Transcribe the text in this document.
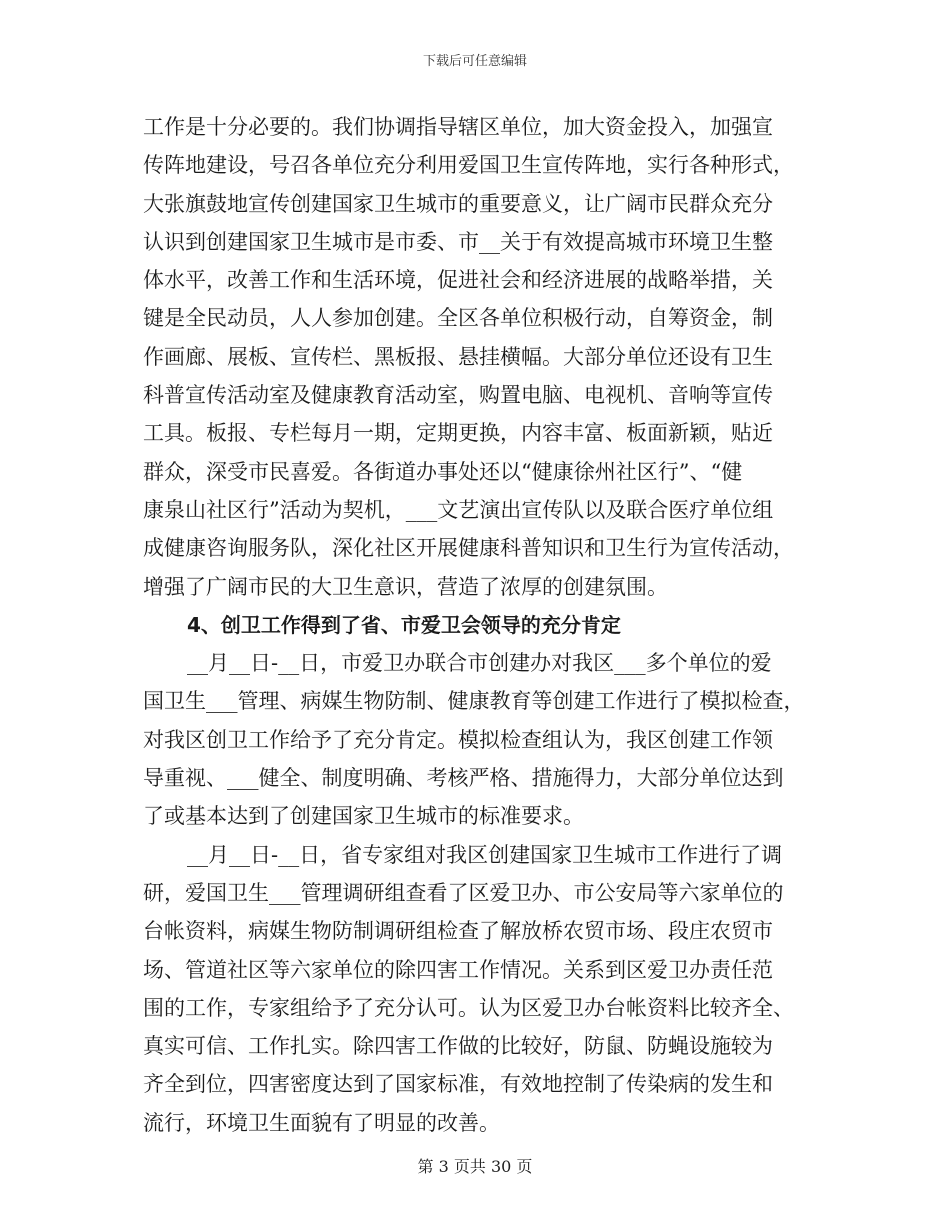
下载后可任意编辑
工作是十分必要的。我们协调指导辖区单位，加大资金投入，加强宣
传阵地建设，号召各单位充分利用爱国卫生宣传阵地，实行各种形式，
大张旗鼓地宣传创建国家卫生城市的重要意义，让广阔市民群众充分
认识到创建国家卫生城市是市委、市__关于有效提高城市环境卫生整
体水平，改善工作和生活环境，促进社会和经济进展的战略举措，关
键是全民动员，人人参加创建。全区各单位积极行动，自筹资金，制
作画廊、展板、宣传栏、黑板报、悬挂横幅。大部分单位还设有卫生
科普宣传活动室及健康教育活动室，购置电脑、电视机、音响等宣传
工具。板报、专栏每月一期，定期更换，内容丰富、板面新颖，贴近
群众，深受市民喜爱。各街道办事处还以“健康徐州社区行”、“健
康泉山社区行”活动为契机，___文艺演出宣传队以及联合医疗单位组
成健康咨询服务队，深化社区开展健康科普知识和卫生行为宣传活动，
增强了广阔市民的大卫生意识，营造了浓厚的创建氛围。
4、创卫工作得到了省、市爱卫会领导的充分肯定
__月__日-__日，市爱卫办联合市创建办对我区___多个单位的爱
国卫生___管理、病媒生物防制、健康教育等创建工作进行了模拟检查，
对我区创卫工作给予了充分肯定。模拟检查组认为，我区创建工作领
导重视、___健全、制度明确、考核严格、措施得力，大部分单位达到
了或基本达到了创建国家卫生城市的标准要求。
__月__日-__日，省专家组对我区创建国家卫生城市工作进行了调
研，爱国卫生___管理调研组查看了区爱卫办、市公安局等六家单位的
台帐资料，病媒生物防制调研组检查了解放桥农贸市场、段庄农贸市
场、管道社区等六家单位的除四害工作情况。关系到区爱卫办责任范
围的工作，专家组给予了充分认可。认为区爱卫办台帐资料比较齐全、
真实可信、工作扎实。除四害工作做的比较好，防鼠、防蝇设施较为
齐全到位，四害密度达到了国家标准，有效地控制了传染病的发生和
流行，环境卫生面貌有了明显的改善。
第 3 页共 30 页
